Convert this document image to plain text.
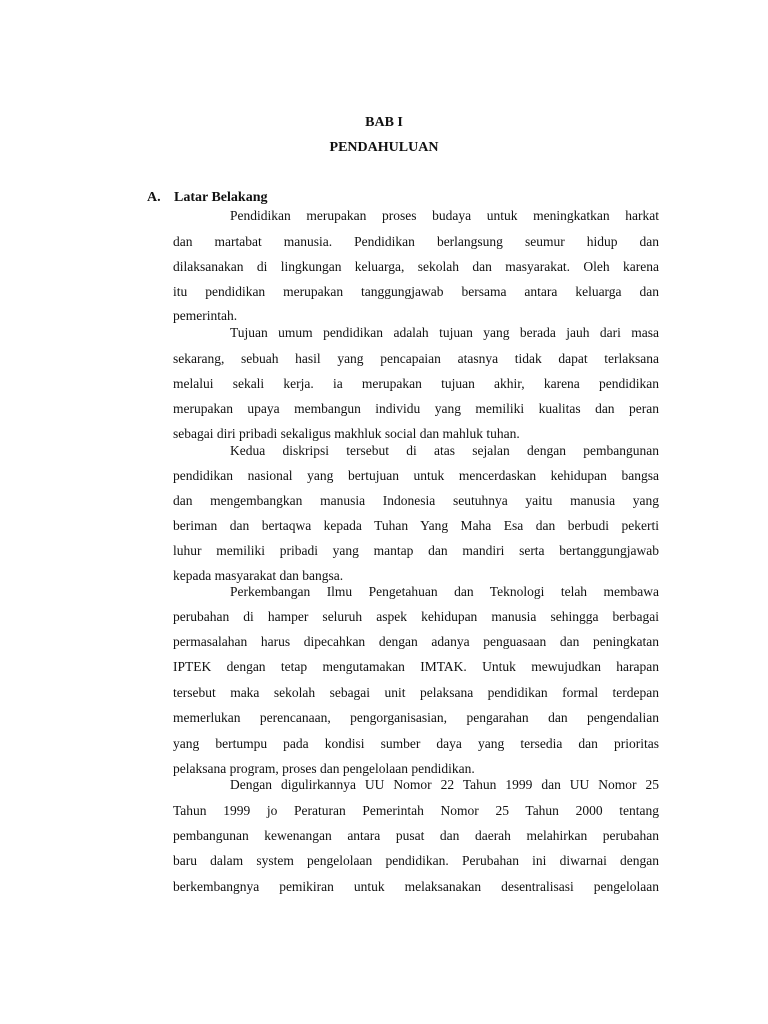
BAB I
PENDAHULUAN
A. Latar Belakang
Pendidikan merupakan proses budaya untuk meningkatkan harkat
dan martabat manusia. Pendidikan berlangsung seumur hidup dan
dilaksanakan di lingkungan keluarga, sekolah dan masyarakat. Oleh karena
itu pendidikan merupakan tanggungjawab bersama antara keluarga dan
pemerintah.
Tujuan umum pendidikan adalah tujuan yang berada jauh dari masa
sekarang, sebuah hasil yang pencapaian atasnya tidak dapat terlaksana
melalui sekali kerja. ia merupakan tujuan akhir, karena pendidikan
merupakan upaya membangun individu yang memiliki kualitas dan peran
sebagai diri pribadi sekaligus makhluk social dan mahluk tuhan.
Kedua diskripsi tersebut di atas sejalan dengan pembangunan
pendidikan nasional yang bertujuan untuk mencerdaskan kehidupan bangsa
dan mengembangkan manusia Indonesia seutuhnya yaitu manusia yang
beriman dan bertaqwa kepada Tuhan Yang Maha Esa dan berbudi pekerti
luhur memiliki pribadi yang mantap dan mandiri serta bertanggungjawab
kepada masyarakat dan bangsa.
Perkembangan Ilmu Pengetahuan dan Teknologi telah membawa
perubahan di hamper seluruh aspek kehidupan manusia sehingga berbagai
permasalahan harus dipecahkan dengan adanya penguasaan dan peningkatan
IPTEK dengan tetap mengutamakan IMTAK. Untuk mewujudkan harapan
tersebut maka sekolah sebagai unit pelaksana pendidikan formal terdepan
memerlukan perencanaan, pengorganisasian, pengarahan dan pengendalian
yang bertumpu pada kondisi sumber daya yang tersedia dan prioritas
pelaksana program, proses dan pengelolaan pendidikan.
Dengan digulirkannya UU Nomor 22 Tahun 1999 dan UU Nomor 25
Tahun 1999 jo Peraturan Pemerintah Nomor 25 Tahun 2000 tentang
pembangunan kewenangan antara pusat dan daerah melahirkan perubahan
baru dalam system pengelolaan pendidikan. Perubahan ini diwarnai dengan
berkembangnya pemikiran untuk melaksanakan desentralisasi pengelolaan
